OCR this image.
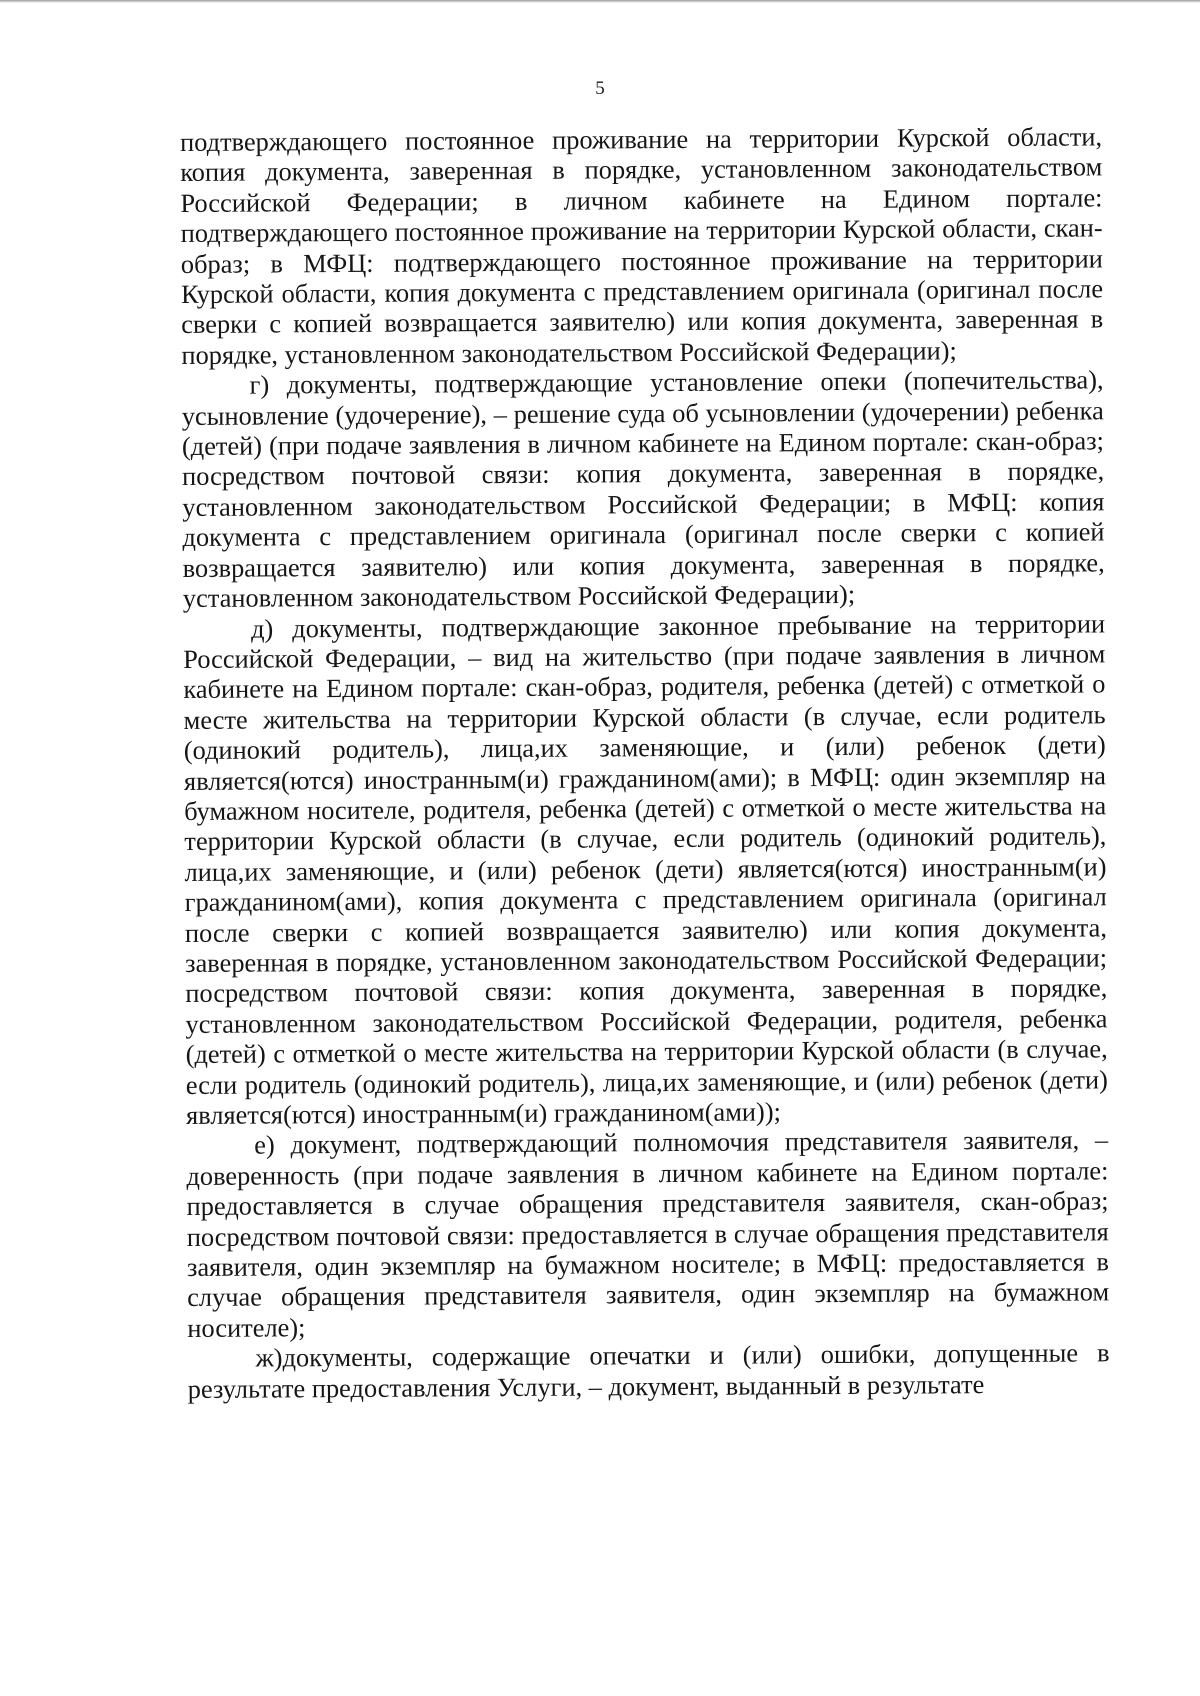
5

подтверждающего постоянное проживание на территории Курской области, копия документа, заверенная в порядке, установленном законодательством Российской Федерации; в личном кабинете на Едином портале: подтверждающего постоянное проживание на территории Курской области, скан-образ; в МФЦ: подтверждающего постоянное проживание на территории Курской области, копия документа с представлением оригинала (оригинал после сверки с копией возвращается заявителю) или копия документа, заверенная в порядке, установленном законодательством Российской Федерации);

г) документы, подтверждающие установление опеки (попечительства), усыновление (удочерение), – решение суда об усыновлении (удочерении) ребенка (детей) (при подаче заявления в личном кабинете на Едином портале: скан-образ; посредством почтовой связи: копия документа, заверенная в порядке, установленном законодательством Российской Федерации; в МФЦ: копия документа с представлением оригинала (оригинал после сверки с копией возвращается заявителю) или копия документа, заверенная в порядке, установленном законодательством Российской Федерации);

д) документы, подтверждающие законное пребывание на территории Российской Федерации, – вид на жительство (при подаче заявления в личном кабинете на Едином портале: скан-образ, родителя, ребенка (детей) с отметкой о месте жительства на территории Курской области (в случае, если родитель (одинокий родитель), лица,их заменяющие, и (или) ребенок (дети) является(ются) иностранным(и) гражданином(ами); в МФЦ: один экземпляр на бумажном носителе, родителя, ребенка (детей) с отметкой о месте жительства на территории Курской области (в случае, если родитель (одинокий родитель), лица,их заменяющие, и (или) ребенок (дети) является(ются) иностранным(и) гражданином(ами), копия документа с представлением оригинала (оригинал после сверки с копией возвращается заявителю) или копия документа, заверенная в порядке, установленном законодательством Российской Федерации; посредством почтовой связи: копия документа, заверенная в порядке, установленном законодательством Российской Федерации, родителя, ребенка (детей) с отметкой о месте жительства на территории Курской области (в случае, если родитель (одинокий родитель), лица,их заменяющие, и (или) ребенок (дети) является(ются) иностранным(и) гражданином(ами));

е) документ, подтверждающий полномочия представителя заявителя, – доверенность (при подаче заявления в личном кабинете на Едином портале: предоставляется в случае обращения представителя заявителя, скан-образ; посредством почтовой связи: предоставляется в случае обращения представителя заявителя, один экземпляр на бумажном носителе; в МФЦ: предоставляется в случае обращения представителя заявителя, один экземпляр на бумажном носителе);

ж)документы, содержащие опечатки и (или) ошибки, допущенные в результате предоставления Услуги, – документ, выданный в результате
